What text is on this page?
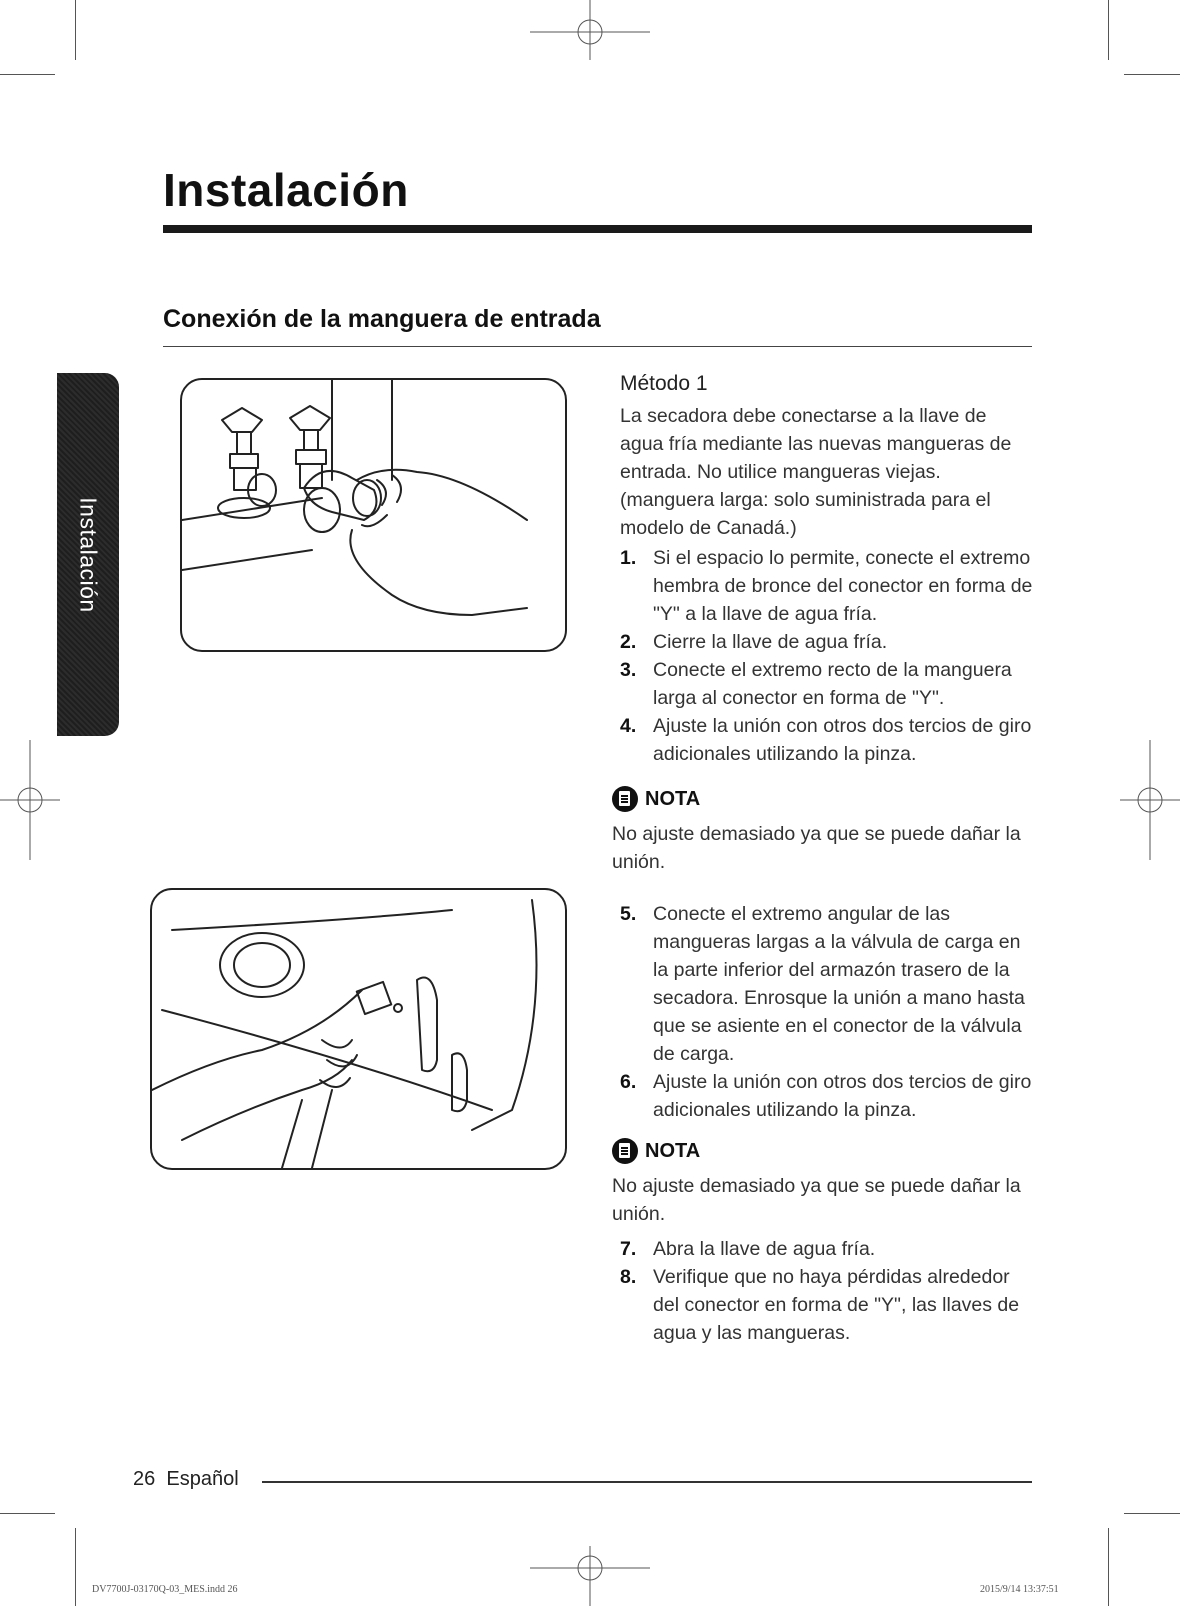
Instalación
Instalación
Conexión de la manguera de entrada
Método 1
La secadora debe conectarse a la llave de agua fría mediante las nuevas mangueras de entrada. No utilice mangueras viejas. (manguera larga: solo suministrada para el modelo de Canadá.)
1. Si el espacio lo permite, conecte el extremo hembra de bronce del conector en forma de "Y" a la llave de agua fría.
2. Cierre la llave de agua fría.
3. Conecte el extremo recto de la manguera larga al conector en forma de "Y".
4. Ajuste la unión con otros dos tercios de giro adicionales utilizando la pinza.
NOTA
No ajuste demasiado ya que se puede dañar la unión.
5. Conecte el extremo angular de las mangueras largas a la válvula de carga en la parte inferior del armazón trasero de la secadora. Enrosque la unión a mano hasta que se asiente en el conector de la válvula de carga.
6. Ajuste la unión con otros dos tercios de giro adicionales utilizando la pinza.
NOTA
No ajuste demasiado ya que se puede dañar la unión.
7. Abra la llave de agua fría.
8. Verifique que no haya pérdidas alrededor del conector en forma de "Y", las llaves de agua y las mangueras.
26 Español
DV7700J-03170Q-03_MES.indd 26	2015/9/14 13:37:51
